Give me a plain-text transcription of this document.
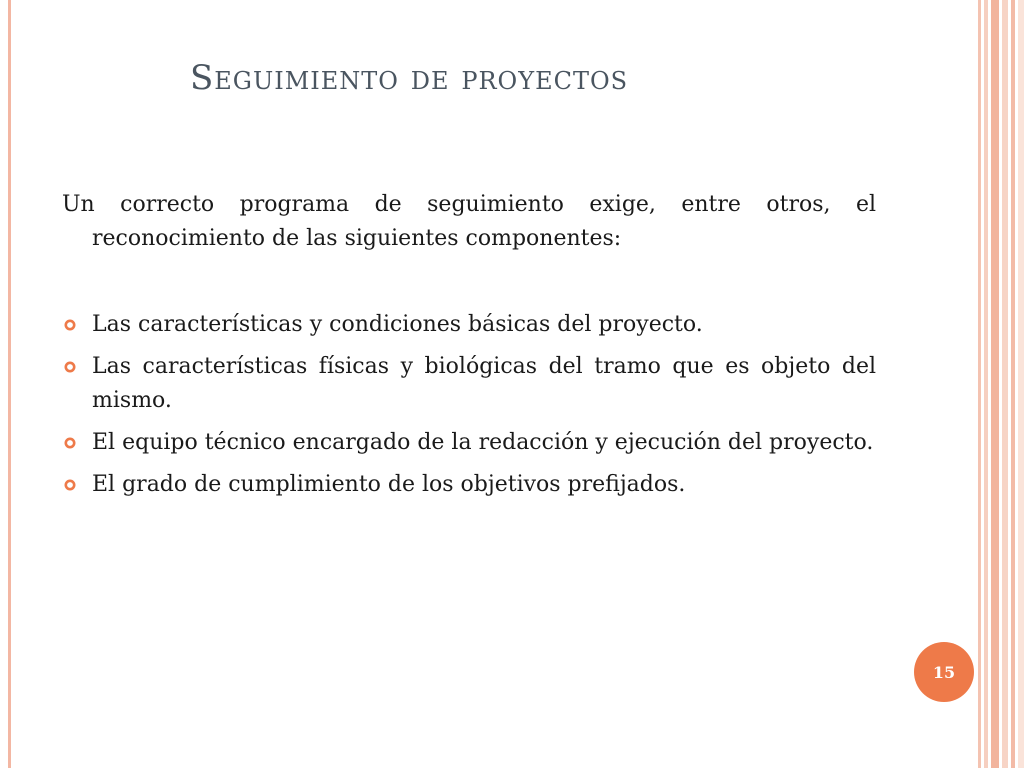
Seguimiento de proyectos

Un correcto programa de seguimiento exige, entre otros, el reconocimiento de las siguientes componentes:

Las características y condiciones básicas del proyecto.
Las características físicas y biológicas del tramo que es objeto del mismo.
El equipo técnico encargado de la redacción y ejecución del proyecto.
El grado de cumplimiento de los objetivos prefijados.
15
